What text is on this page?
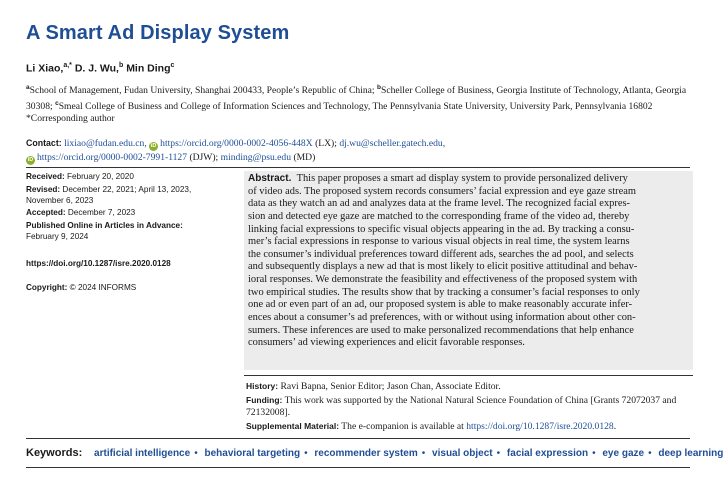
A Smart Ad Display System
Li Xiao,$^{a,*}$ D. J. Wu,$^b$ Min Ding$^c$
$^a$School of Management, Fudan University, Shanghai 200433, People’s Republic of China; $^b$Scheller College of Business, Georgia Institute of Technology, Atlanta, Georgia 30308; $^c$Smeal College of Business and College of Information Sciences and Technology, The Pennsylvania State University, University Park, Pennsylvania 16802
*Corresponding author
Contact: lixiao@fudan.edu.cn, iD https://orcid.org/0000-0002-4056-448X (LX); dj.wu@scheller.gatech.edu,
iD https://orcid.org/0000-0002-7991-1127 (DJW); minding@psu.edu (MD)
Received: February 20, 2020
Revised: December 22, 2021; April 13, 2023, November 6, 2023
Accepted: December 7, 2023
Published Online in Articles in Advance:
February 9, 2024
https://doi.org/10.1287/isre.2020.0128
Copyright: © 2024 INFORMS
Abstract. This paper proposes a smart ad display system to provide personalized delivery
of video ads. The proposed system records consumers’ facial expression and eye gaze stream
data as they watch an ad and analyzes data at the frame level. The recognized facial expres-
sion and detected eye gaze are matched to the corresponding frame of the video ad, thereby
linking facial expressions to specific visual objects appearing in the ad. By tracking a consu-
mer’s facial expressions in response to various visual objects in real time, the system learns
the consumer’s individual preferences toward different ads, searches the ad pool, and selects
and subsequently displays a new ad that is most likely to elicit positive attitudinal and behav-
ioral responses. We demonstrate the feasibility and effectiveness of the proposed system with
two empirical studies. The results show that by tracking a consumer’s facial responses to only
one ad or even part of an ad, our proposed system is able to make reasonably accurate infer-
ences about a consumer’s ad preferences, with or without using information about other con-
sumers. These inferences are used to make personalized recommendations that help enhance
consumers’ ad viewing experiences and elicit favorable responses.
History: Ravi Bapna, Senior Editor; Jason Chan, Associate Editor.
Funding: This work was supported by the National Natural Science Foundation of China [Grants 72072037 and 72132008].
Supplemental Material: The e-companion is available at https://doi.org/10.1287/isre.2020.0128.
Keywords: artificial intelligence • behavioral targeting • recommender system • visual object • facial expression • eye gaze • deep learning
